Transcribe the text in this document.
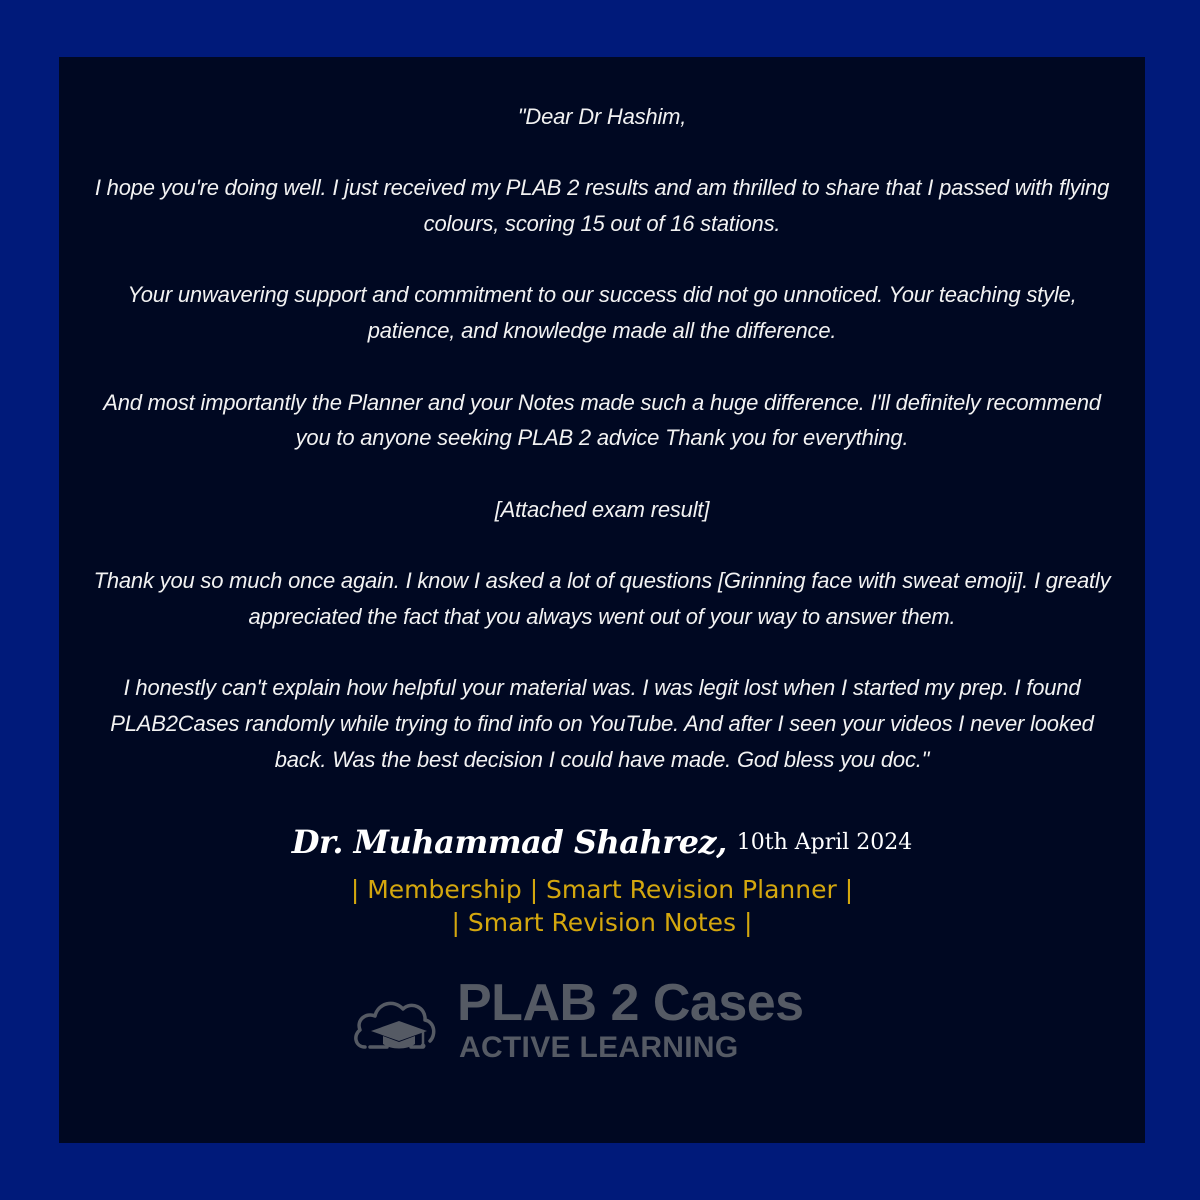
"Dear Dr Hashim,

I hope you're doing well. I just received my PLAB 2 results and am thrilled to share that I passed with flying colours, scoring 15 out of 16 stations.

Your unwavering support and commitment to our success did not go unnoticed. Your teaching style, patience, and knowledge made all the difference.

And most importantly the Planner and your Notes made such a huge difference. I'll definitely recommend you to anyone seeking PLAB 2 advice Thank you for everything.

[Attached exam result]

Thank you so much once again. I know I asked a lot of questions [Grinning face with sweat emoji]. I greatly appreciated the fact that you always went out of your way to answer them.

I honestly can't explain how helpful your material was. I was legit lost when I started my prep. I found PLAB2Cases randomly while trying to find info on YouTube. And after I seen your videos I never looked back. Was the best decision I could have made. God bless you doc."

Dr. Muhammad Shahrez, 10th April 2024
| Membership | Smart Revision Planner |
| Smart Revision Notes |
PLAB 2 Cases
ACTIVE LEARNING
